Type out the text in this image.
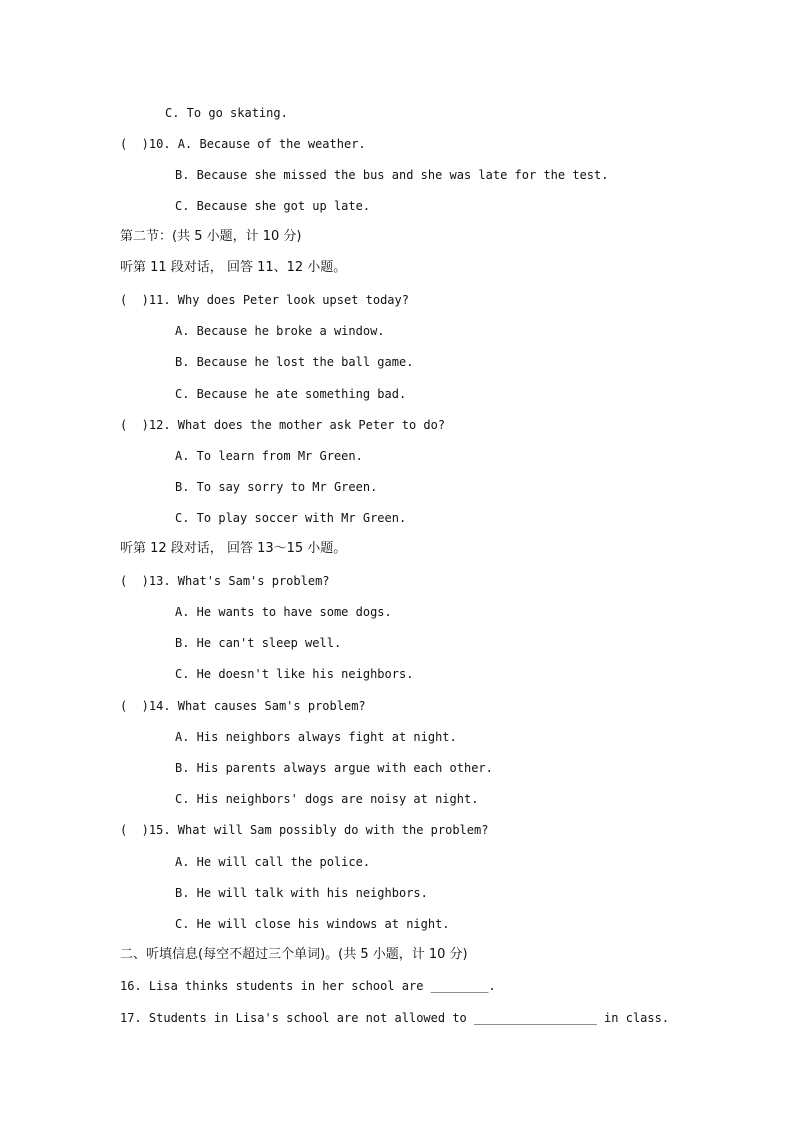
C. To go skating.
(  )10. A. Because of the weather.
B. Because she missed the bus and she was late for the test.
C. Because she got up late.
第二节：(共 5 小题，计 10 分)
听第 11 段对话， 回答 11、12 小题。
(  )11. Why does Peter look upset today?
A. Because he broke a window.
B. Because he lost the ball game.
C. Because he ate something bad.
(  )12. What does the mother ask Peter to do?
A. To learn from Mr Green.
B. To say sorry to Mr Green.
C. To play soccer with Mr Green.
听第 12 段对话， 回答 13～15 小题。
(  )13. What's Sam's problem?
A. He wants to have some dogs.
B. He can't sleep well.
C. He doesn't like his neighbors.
(  )14. What causes Sam's problem?
A. His neighbors always fight at night.
B. His parents always argue with each other.
C. His neighbors' dogs are noisy at night.
(  )15. What will Sam possibly do with the problem?
A. He will call the police.
B. He will talk with his neighbors.
C. He will close his windows at night.
二、听填信息(每空不超过三个单词)。(共 5 小题，计 10 分)
16. Lisa thinks students in her school are ________.
17. Students in Lisa's school are not allowed to _________________ in class.
